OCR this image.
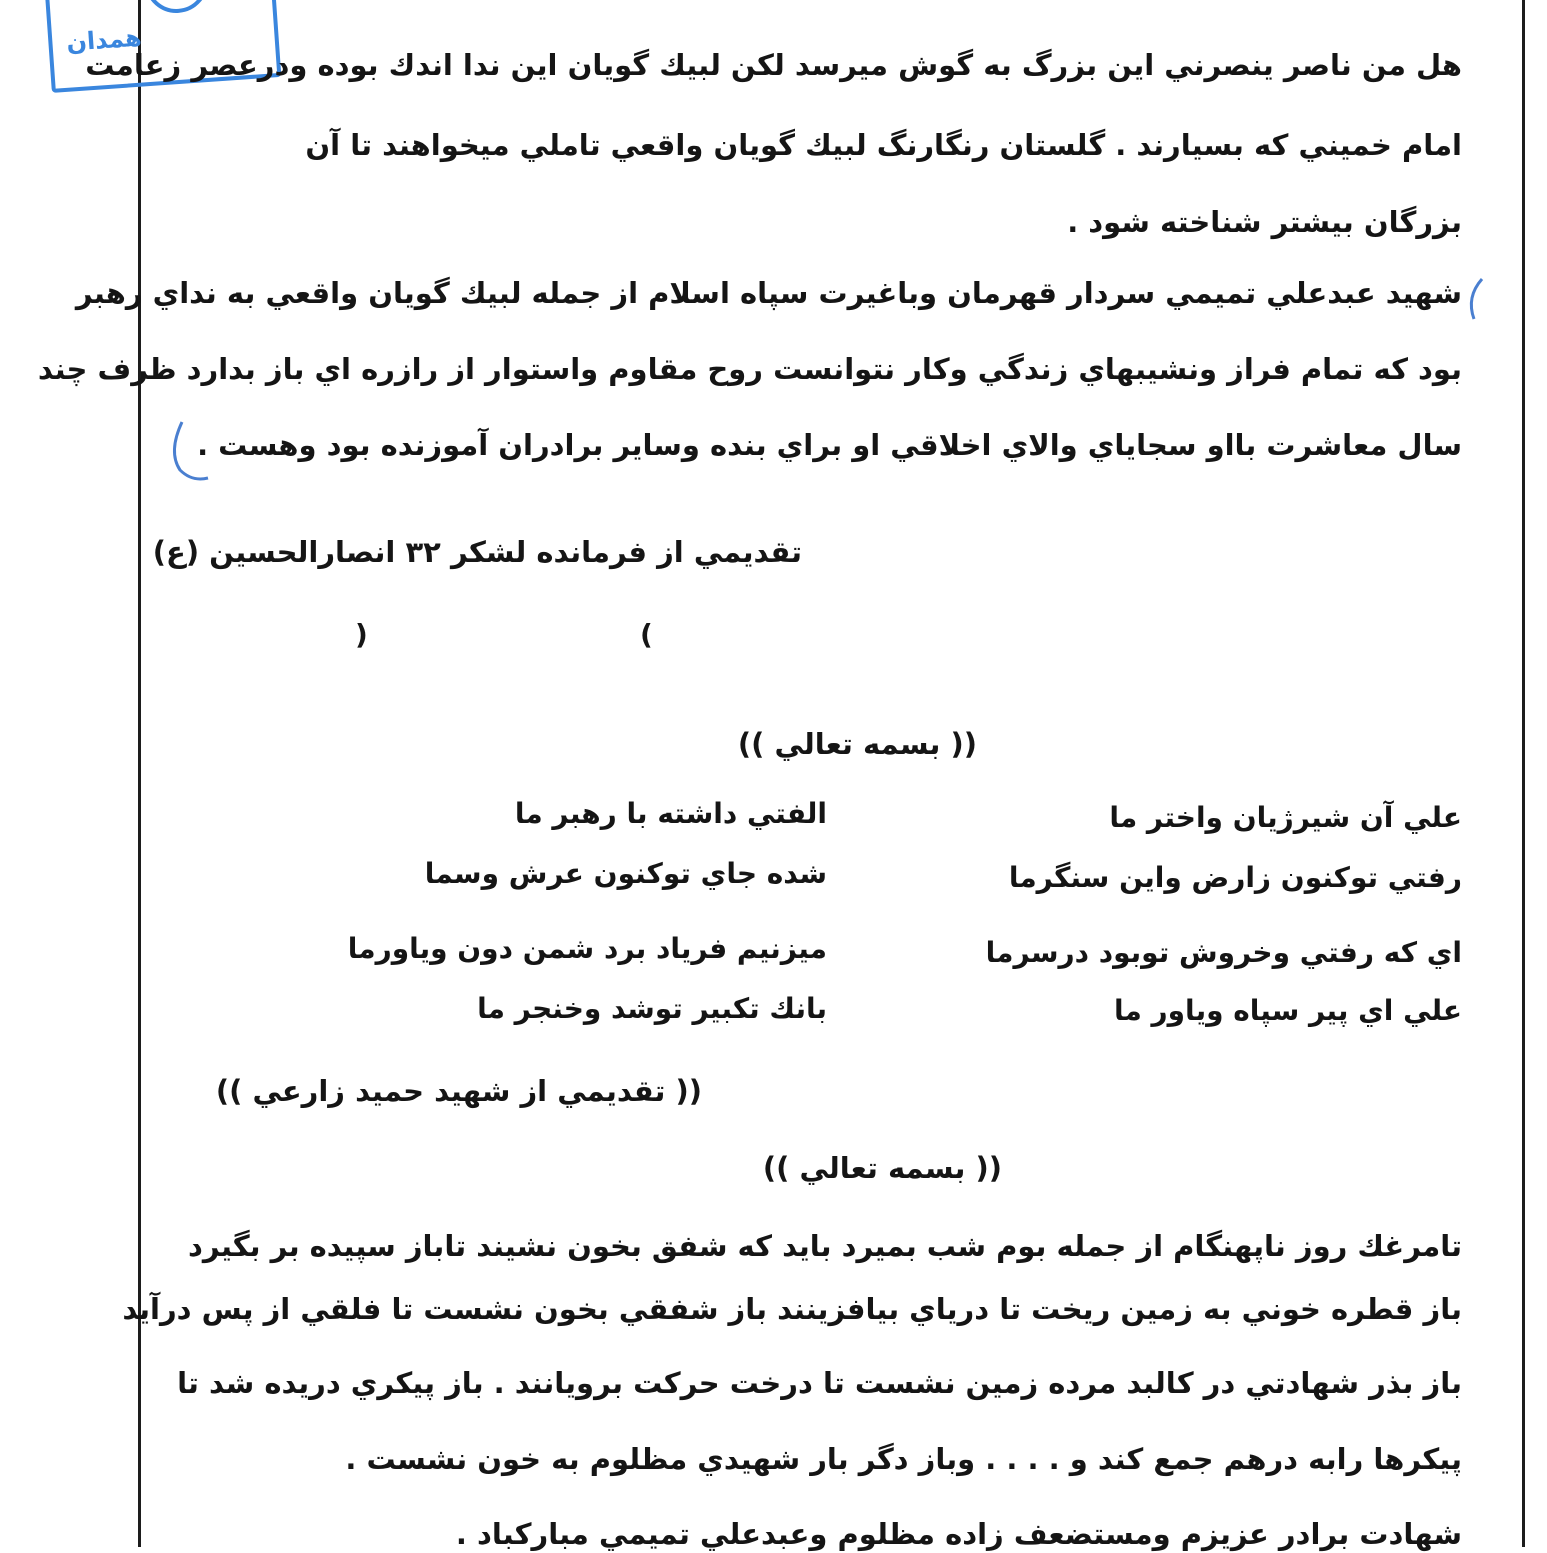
همدان
هل من ناصر ينصرني اين بزرگ به گوش ميرسد لكن لبيك گويان اين ندا اندك بوده ودرعصر زعامت
امام خميني كه بسيارند . گلستان رنگارنگ لبيك گويان واقعي تاملي ميخواهند تا آن
بزرگان بيشتر شناخته شود .
شهيد عبدعلي تميمي سردار قهرمان وباغيرت سپاه اسلام از جمله لبيك گويان واقعي به نداي رهبر
بود كه تمام فراز ونشيبهاي زندگي وكار نتوانست روح مقاوم واستوار از رازره اي باز بدارد ظرف چند
سال معاشرت بااو سجاياي والاي اخلاقي او براي بنده وساير برادران آموزنده بود وهست .
تقديمي از فرمانده لشكر ۳۲ انصارالحسين (ع)
(
)
(( بسمه تعالي ))
علي آن شيرژيان واختر ما
الفتي داشته با رهبر ما
رفتي توكنون زارض واين سنگرما
شده جاي توكنون عرش وسما
اي كه رفتي وخروش توبود درسرما
ميزنيم فرياد برد شمن دون وياورما
علي اي پير سپاه وياور ما
بانك تكبير توشد وخنجر ما
(( تقديمي از شهيد حميد زارعي ))
(( بسمه تعالي ))
تامرغك روز ناپهنگام از جمله بوم شب بميرد بايد كه شفق بخون نشيند تاباز سپيده بر بگيرد
باز قطره خوني به زمين ريخت تا درياي بيافزينند باز شفقي بخون نشست تا فلقي از پس درآيد
باز بذر شهادتي در كالبد مرده زمين نشست تا درخت حركت برويانند . باز پيكري دريده شد تا
پيكرها رابه درهم جمع كند و . . . . وباز دگر بار شهيدي مظلوم به خون نشست .
شهادت برادر عزيزم ومستضعف زاده مظلوم وعبدعلي تميمي مباركباد .
